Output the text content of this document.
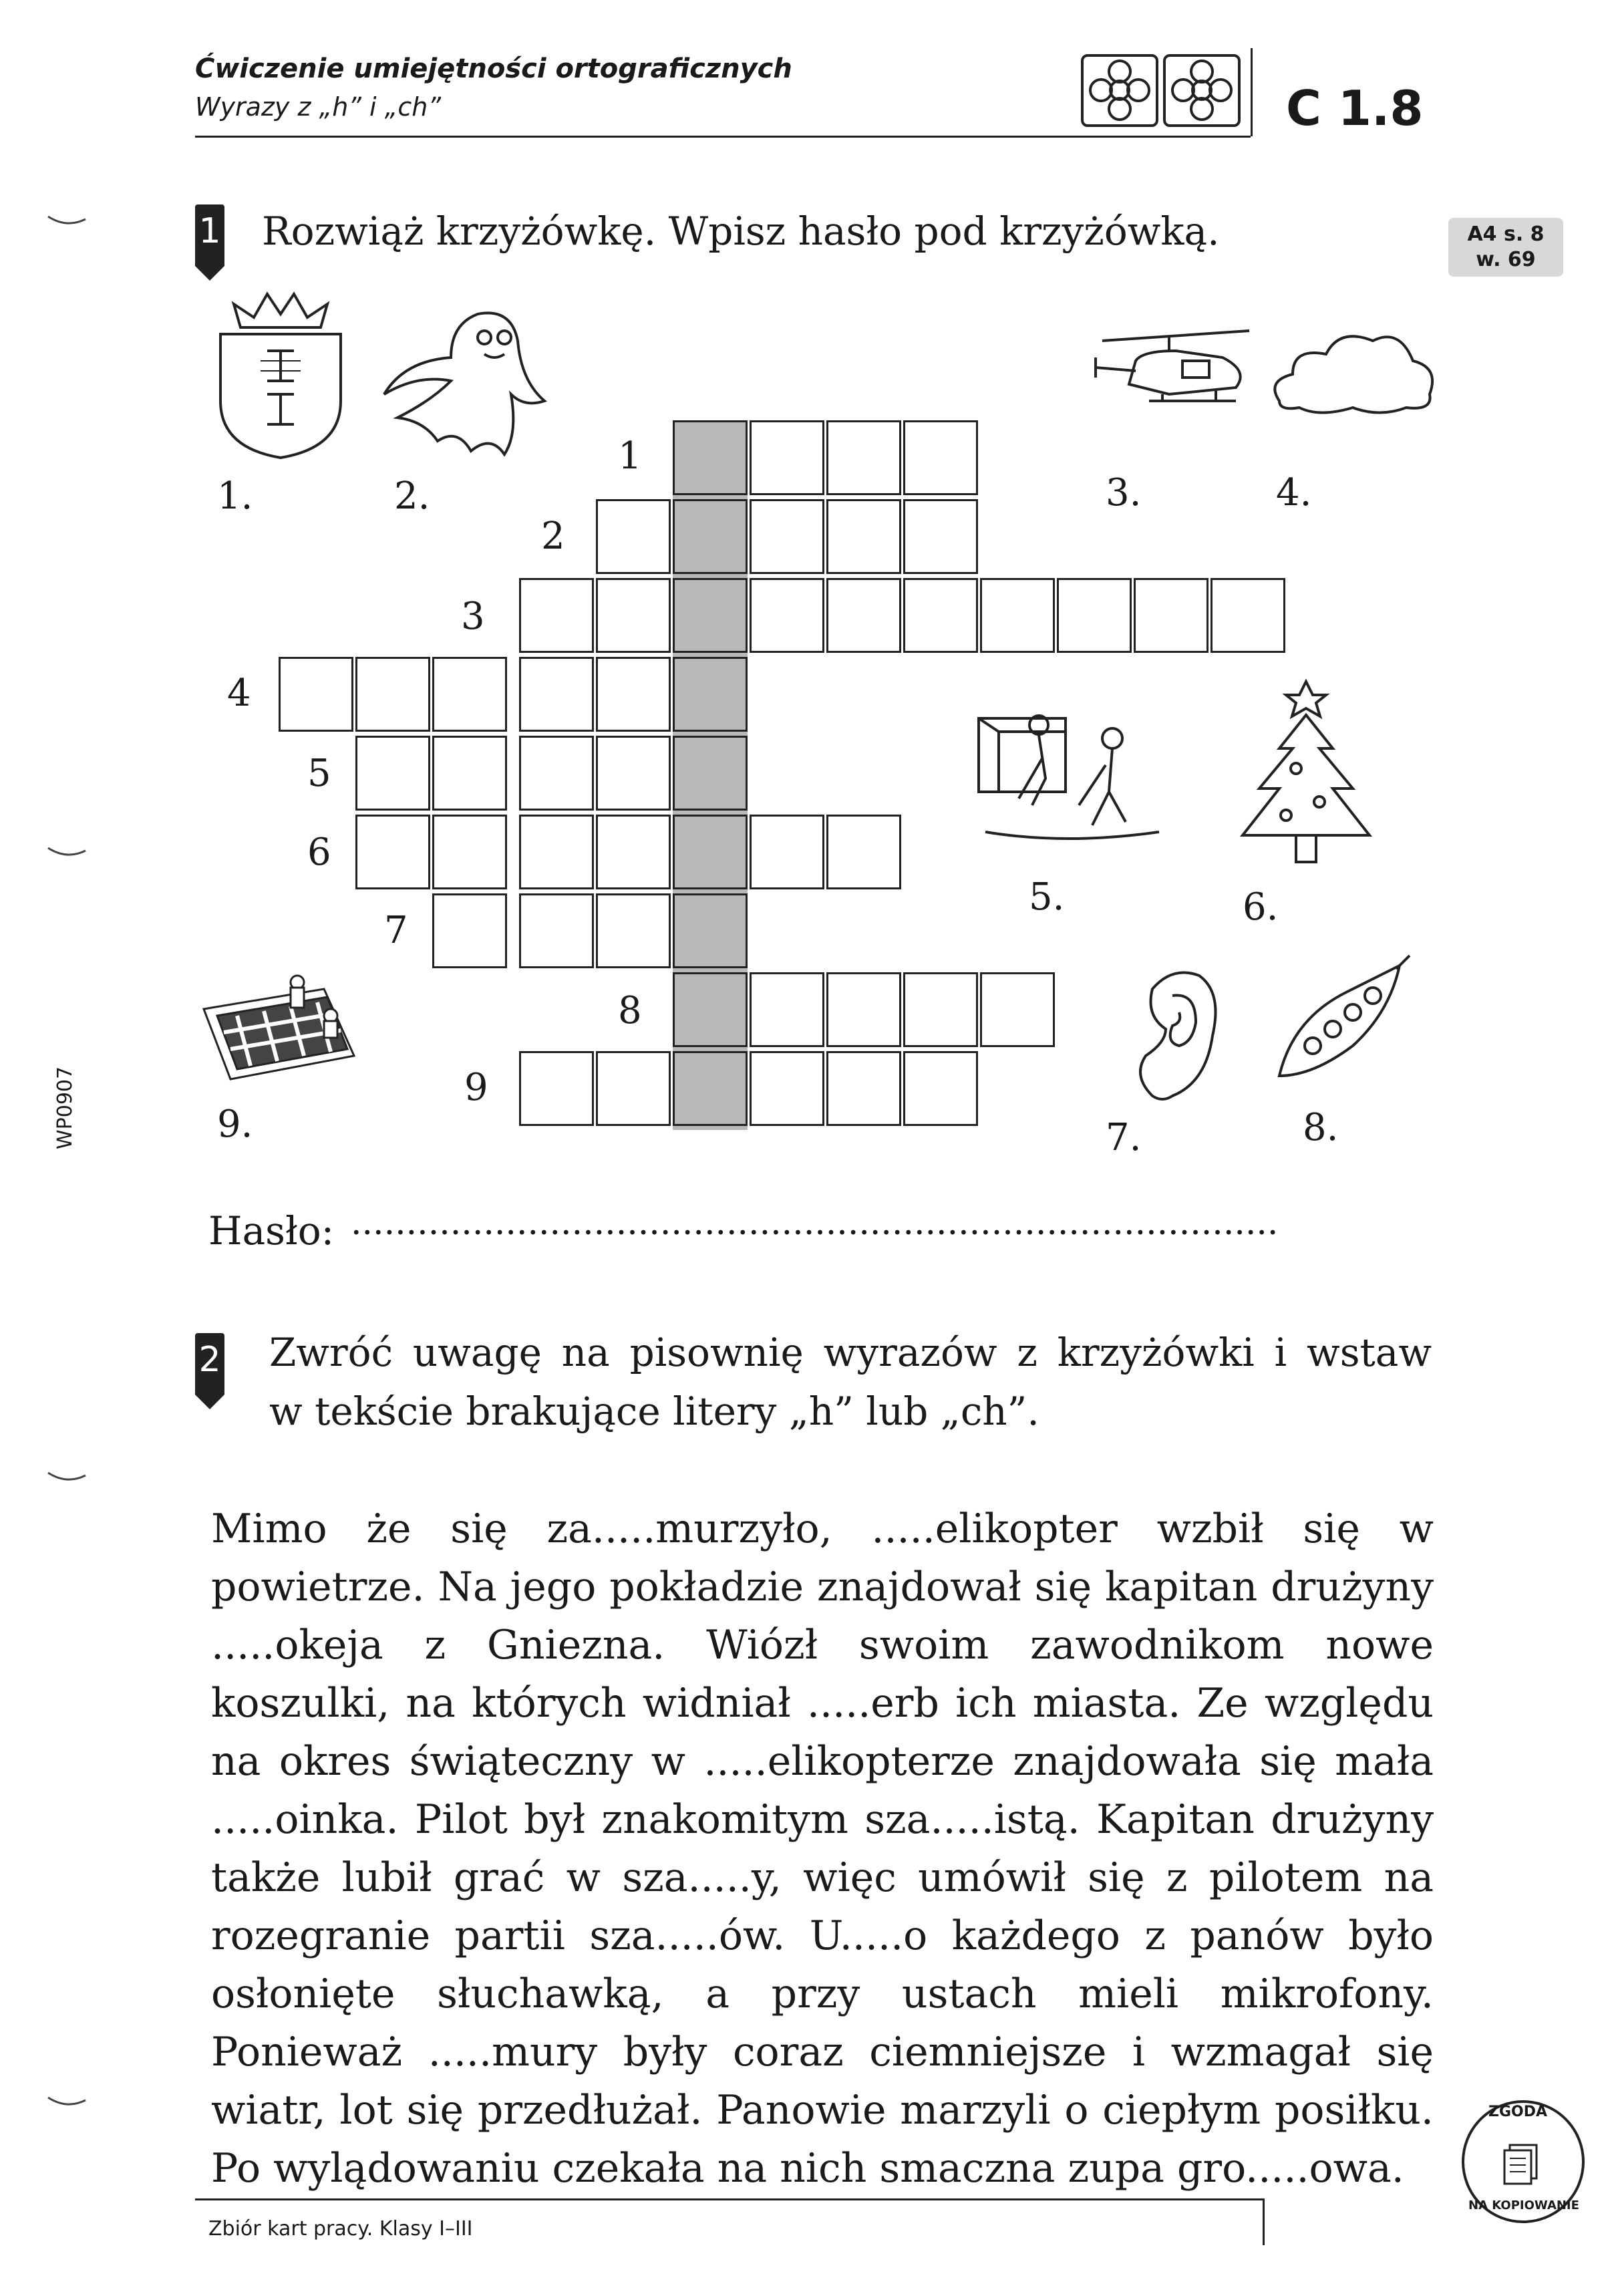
Ćwiczenie umiejętności ortograficznych
Wyrazy z „h” i „ch”	C 1.8
A4 s. 8
w. 69
WP0907
1 Rozwiąż krzyżówkę. Wpisz hasło pod krzyżówką.
1.	2.	3.	4.
5.	6.
9.	7.	8.
1
2
3
4
5
6
7
8
9
Hasło: ....................................................................................
2 Zwróć uwagę na pisownię wyrazów z krzyżówki i wstaw
w tekście brakujące litery „h” lub „ch”.
Mimo że się za.....murzyło, .....elikopter wzbił się w powietrze. Na jego pokładzie znajdował się kapitan drużyny .....okeja z Gniezna. Wiózł swoim zawodnikom nowe koszulki, na których widniał .....erb ich miasta. Ze względu na okres świąteczny w .....elikopterze znajdowała się mała .....oinka. Pilot był znakomitym sza.....istą. Kapitan drużyny także lubił grać w sza.....y, więc umówił się z pilotem na rozegranie partii sza.....ów. U.....o każdego z panów było osłonięte słuchawką, a przy ustach mieli mikrofony. Ponieważ .....mury były coraz ciemniejsze i wzmagał się wiatr, lot się przedłużał. Panowie marzyli o ciepłym posiłku. Po wylądowaniu czekała na nich smaczna zupa gro.....owa.
ZGODA
NA KOPIOWANIE
Zbiór kart pracy. Klasy I–III
